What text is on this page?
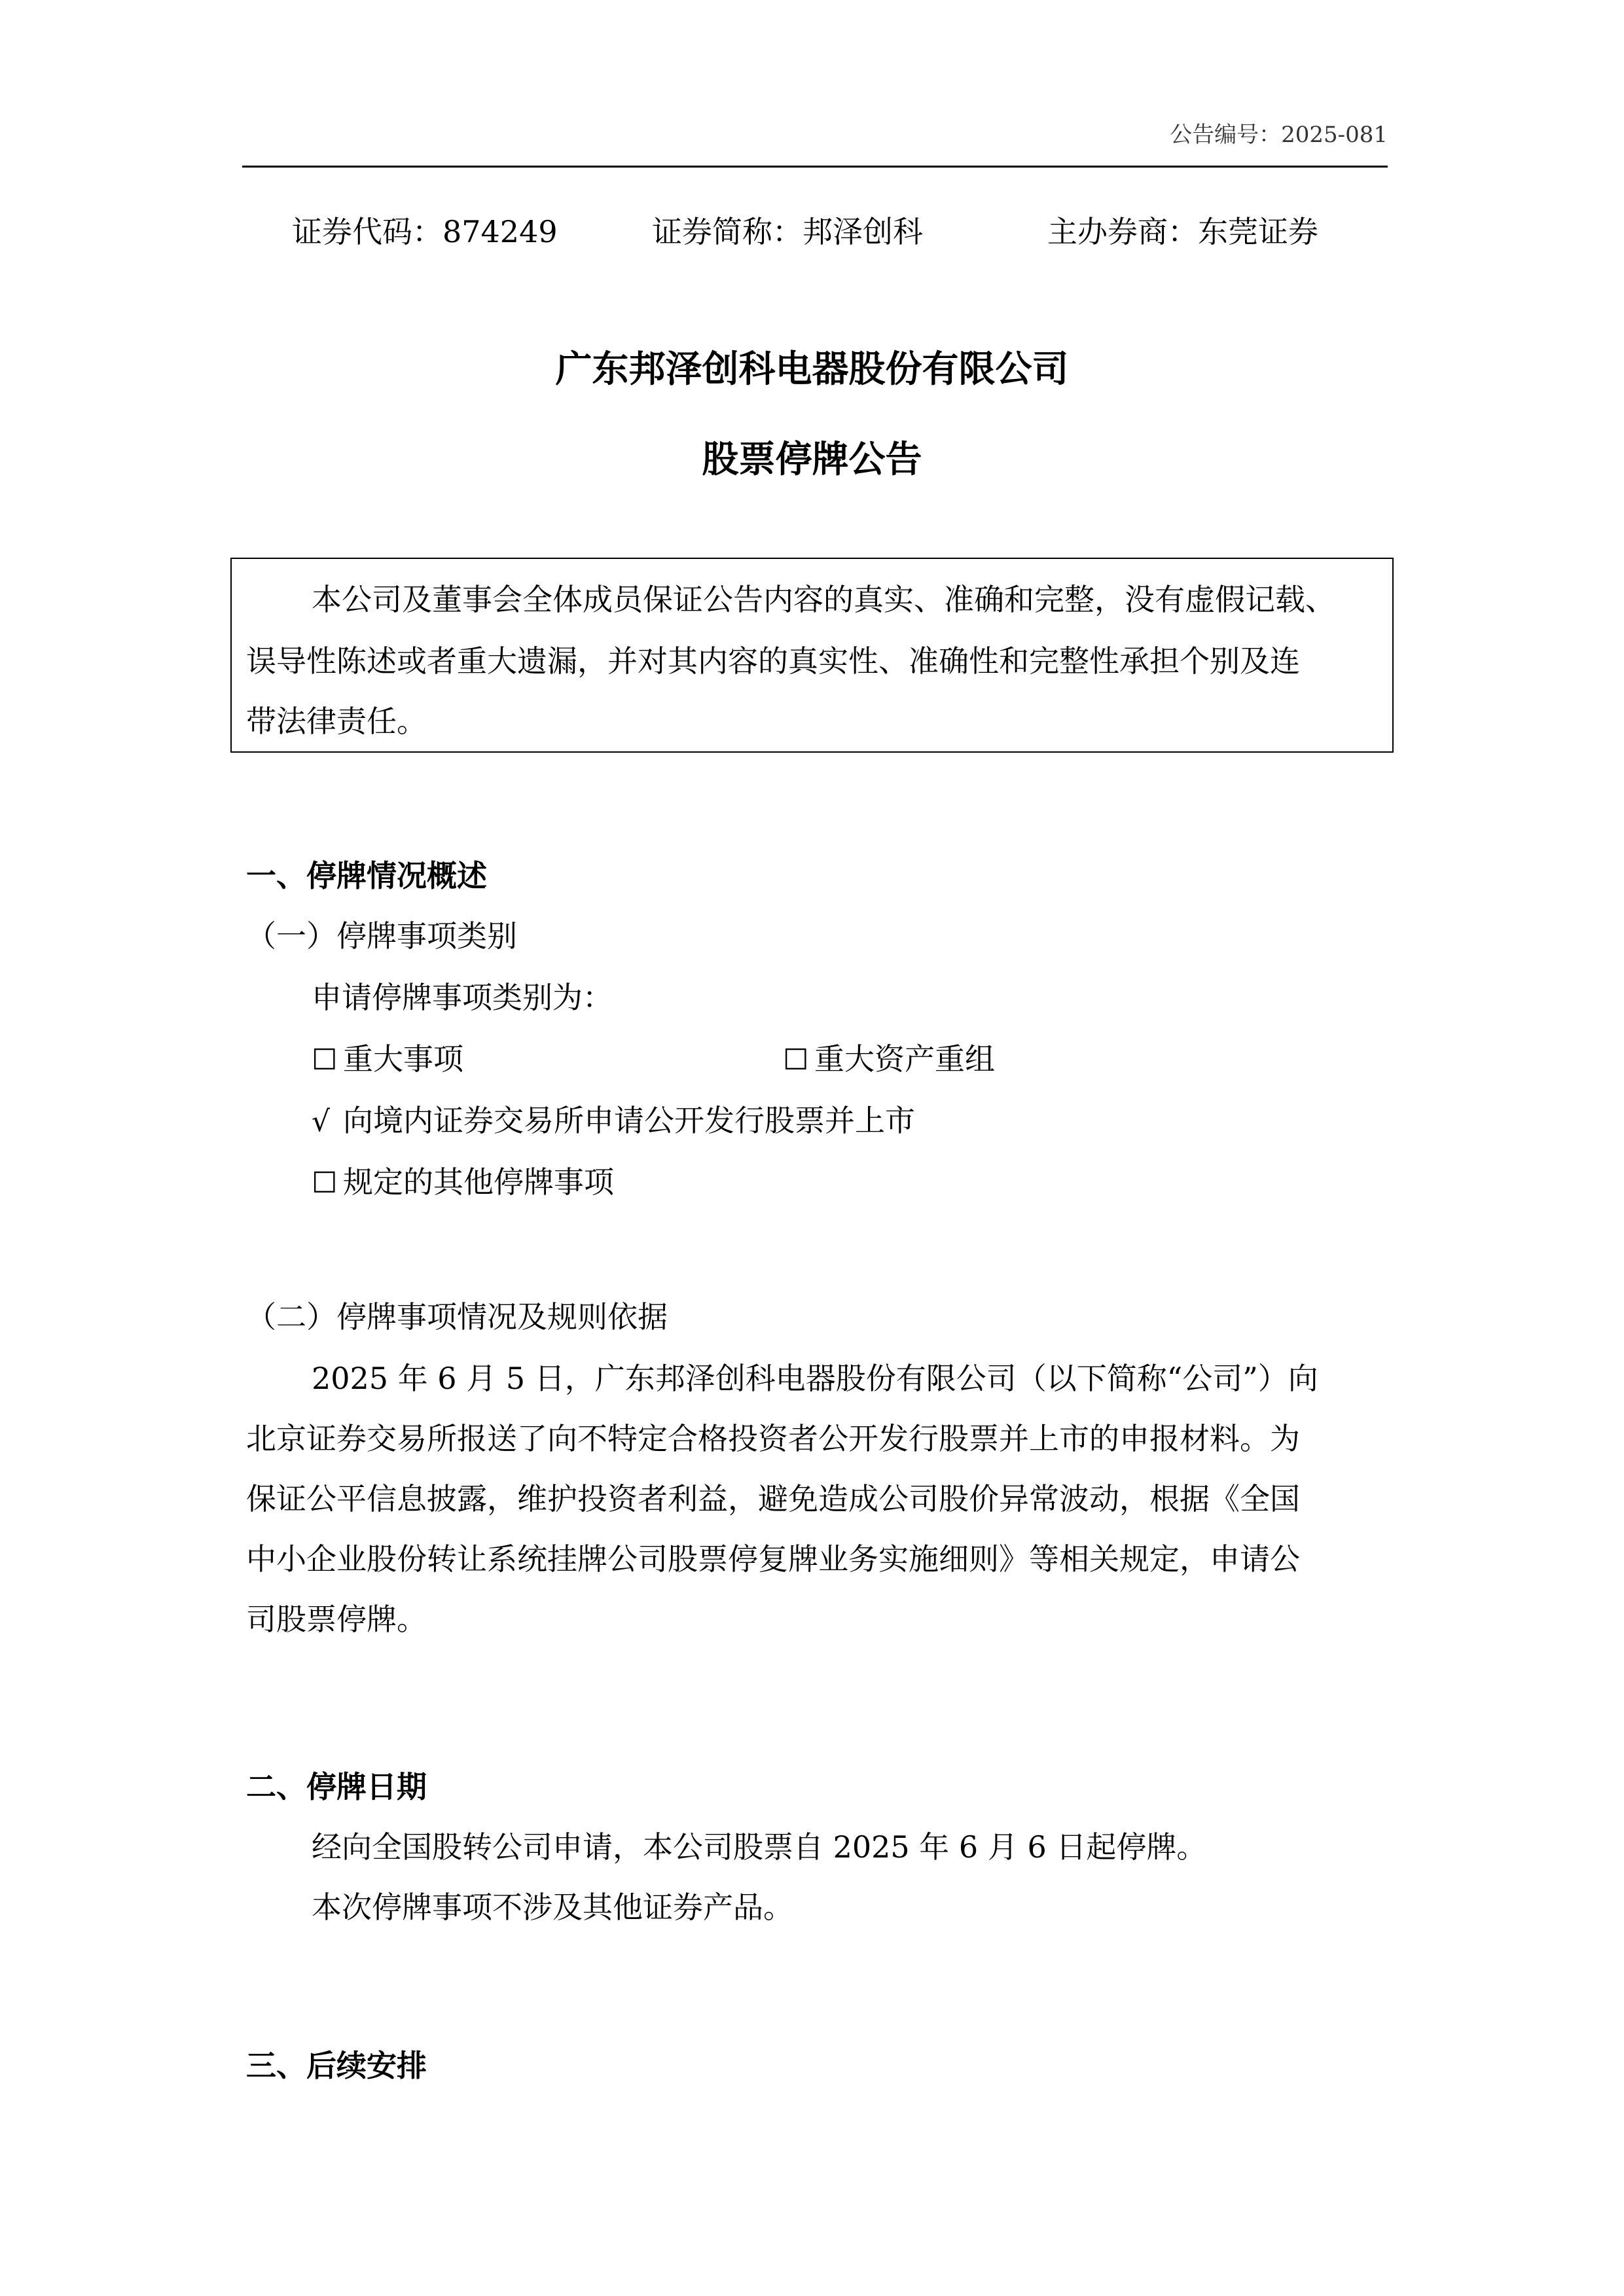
公告编号：2025-081
证券代码：874249	证券简称：邦泽创科	主办券商：东莞证券
广东邦泽创科电器股份有限公司
股票停牌公告
本公司及董事会全体成员保证公告内容的真实、准确和完整，没有虚假记载、
误导性陈述或者重大遗漏，并对其内容的真实性、准确性和完整性承担个别及连
带法律责任。
一、停牌情况概述
（一）停牌事项类别
申请停牌事项类别为：
☐ 重大事项	☐ 重大资产重组
√ 向境内证券交易所申请公开发行股票并上市
☐ 规定的其他停牌事项
（二）停牌事项情况及规则依据
2025 年 6 月 5 日，广东邦泽创科电器股份有限公司（以下简称“公司”）向
北京证券交易所报送了向不特定合格投资者公开发行股票并上市的申报材料。为
保证公平信息披露，维护投资者利益，避免造成公司股价异常波动，根据《全国
中小企业股份转让系统挂牌公司股票停复牌业务实施细则》等相关规定，申请公
司股票停牌。
二、停牌日期
经向全国股转公司申请，本公司股票自 2025 年 6 月 6 日起停牌。
本次停牌事项不涉及其他证券产品。
三、后续安排
